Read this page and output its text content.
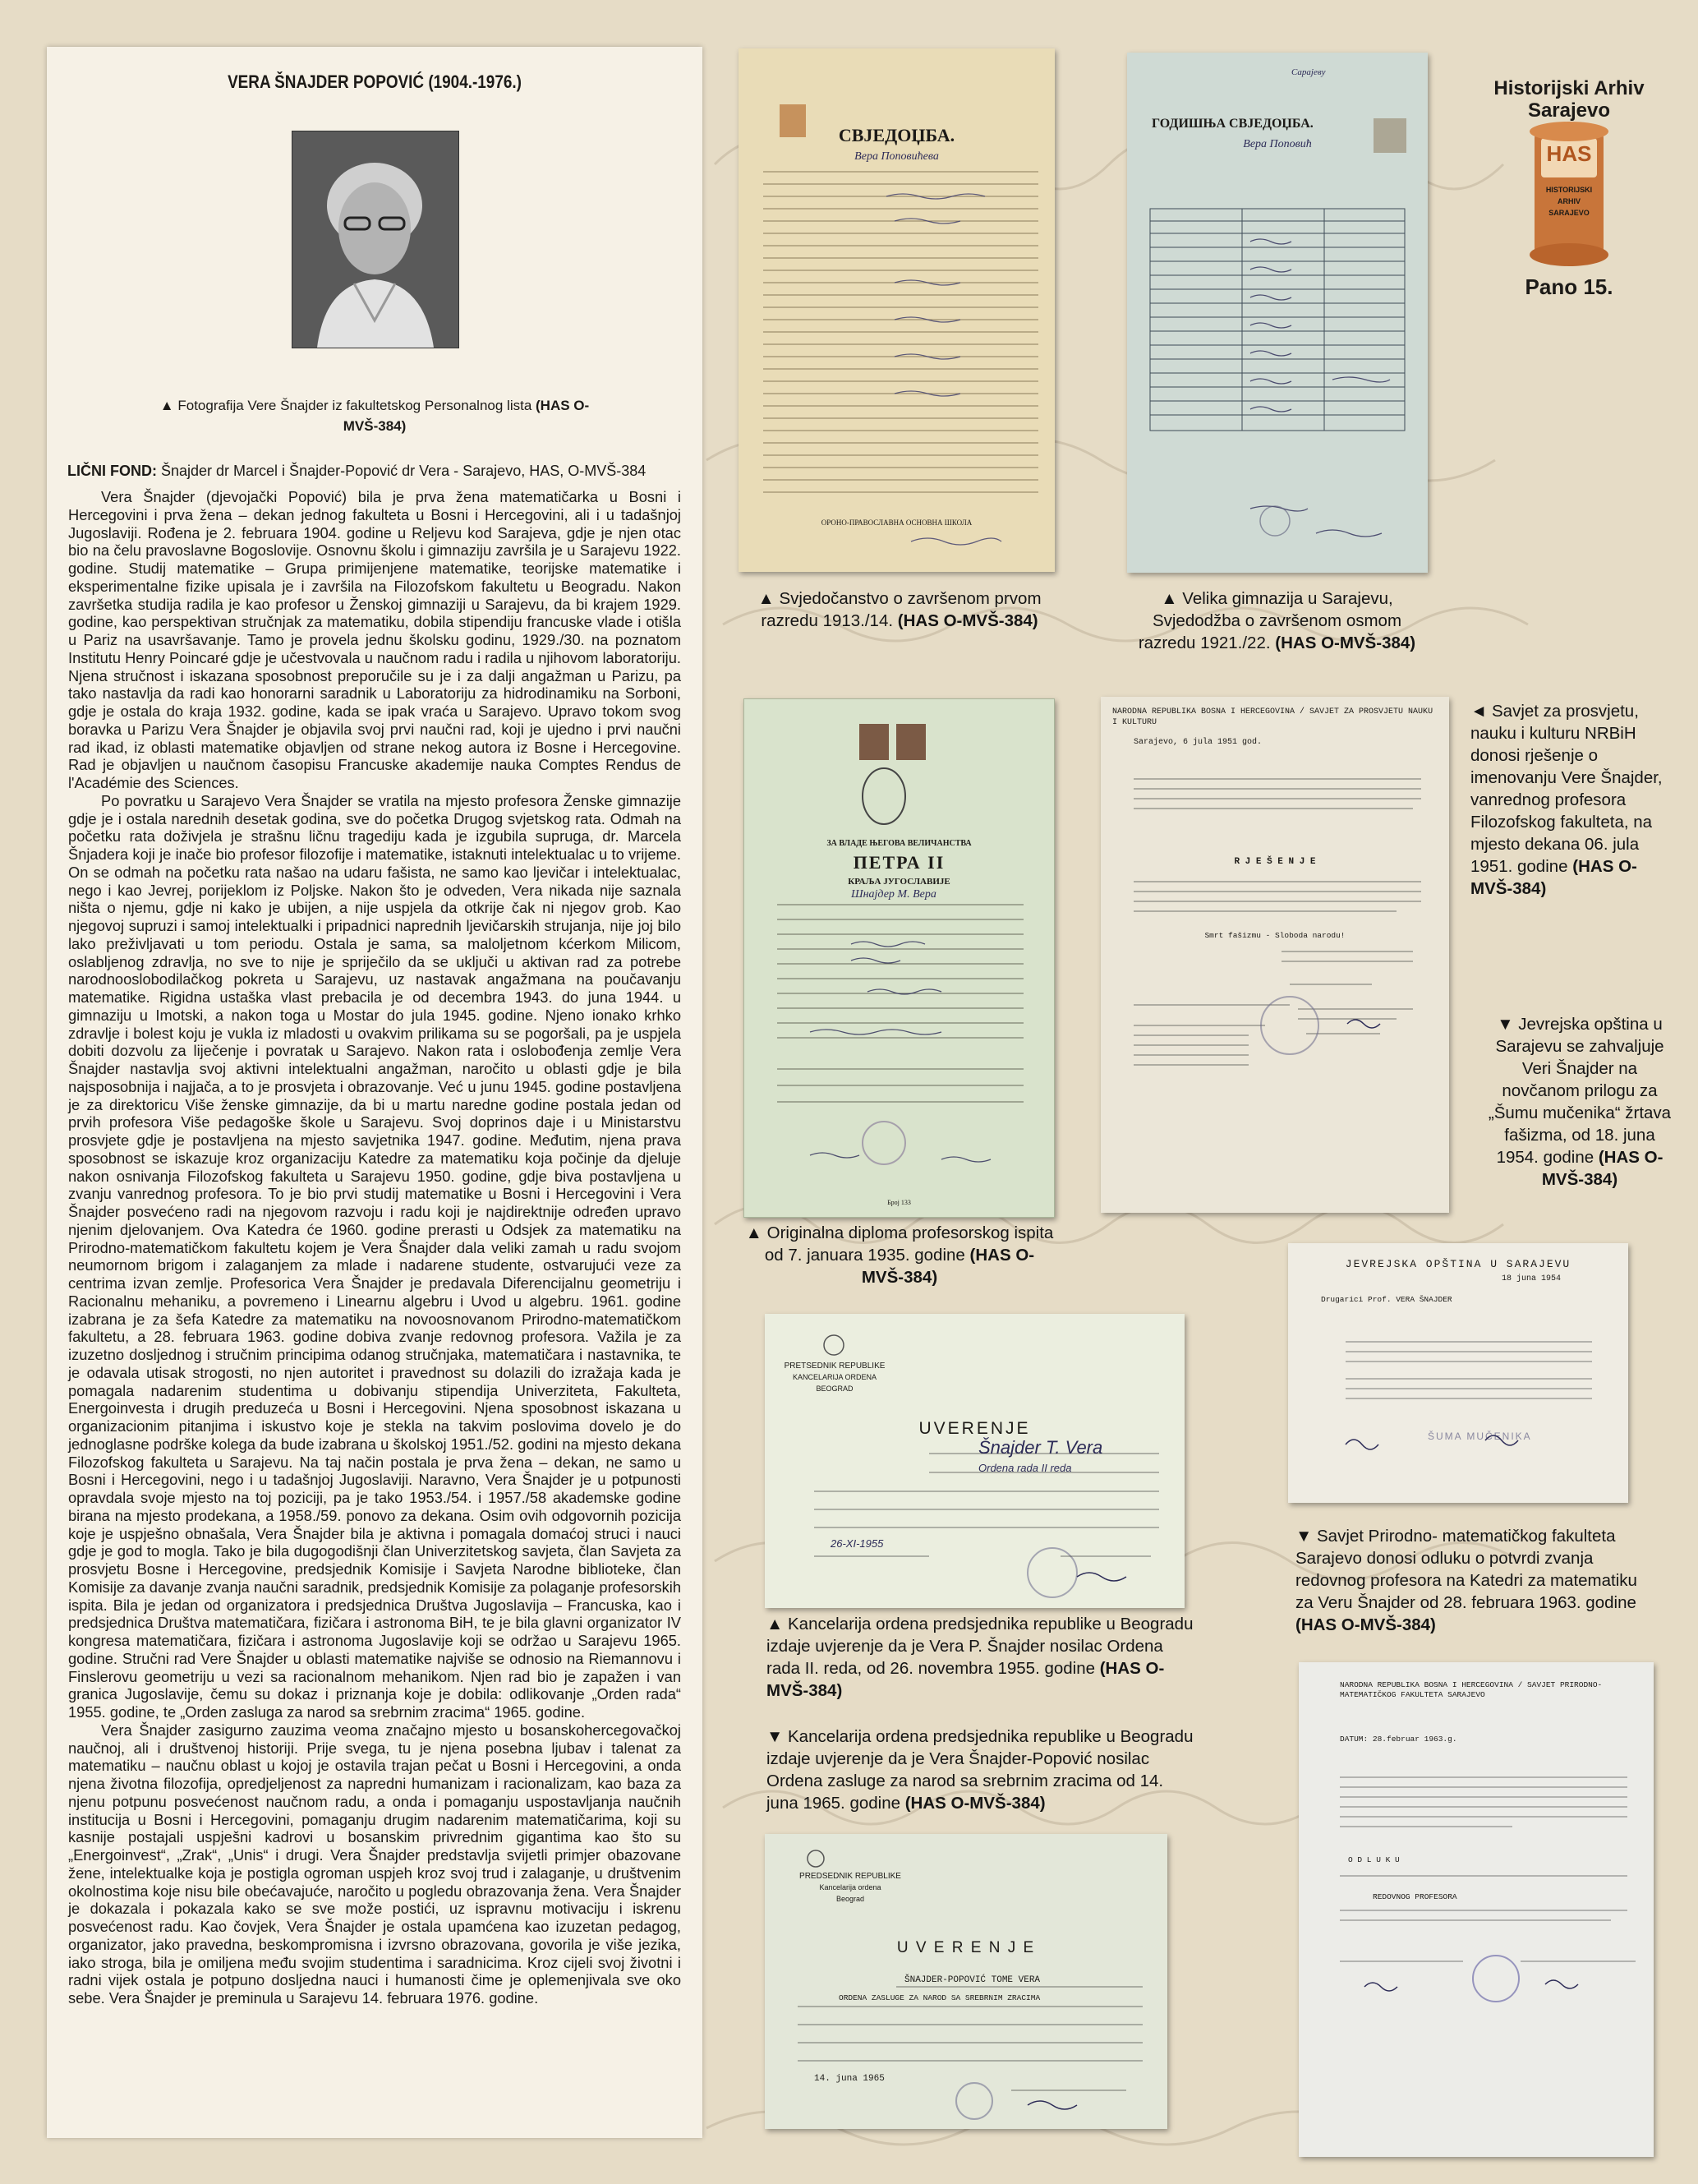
VERA ŠNAJDER POPOVIĆ (1904.-1976.)
▲ Fotografija Vere Šnajder iz fakultetskog Personalnog lista (HAS O-MVŠ-384)
LIČNI FOND: Šnajder dr Marcel i Šnajder-Popović dr Vera - Sarajevo, HAS, O-MVŠ-384

Vera Šnajder (djevojački Popović) bila je prva žena matematičarka u Bosni i Hercegovini i prva žena – dekan jednog fakulteta u Bosni i Hercegovini, ali i u tadašnjoj Jugoslaviji. Rođena je 2. februara 1904. godine u Reljevu kod Sarajeva, gdje je njen otac bio na čelu pravoslavne Bogoslovije. Osnovnu školu i gimnaziju završila je u Sarajevu 1922. godine. Studij matematike – Grupa primijenjene matematike, teorijske matematike i eksperimentalne fizike upisala je i završila na Filozofskom fakultetu u Beogradu. Nakon završetka studija radila je kao profesor u Ženskoj gimnaziji u Sarajevu, da bi krajem 1929. godine, kao perspektivan stručnjak za matematiku, dobila stipendiju francuske vlade i otišla u Pariz na usavršavanje. Tamo je provela jednu školsku godinu, 1929./30. na poznatom Institutu Henry Poincaré gdje je učestvovala u naučnom radu i radila u njihovom laboratoriju. Njena stručnost i iskazana sposobnost preporučile su je i za dalji angažman u Parizu, pa tako nastavlja da radi kao honorarni saradnik u Laboratoriju za hidrodinamiku na Sorboni, gdje je ostala do kraja 1932. godine, kada se ipak vraća u Sarajevo. Upravo tokom svog boravka u Parizu Vera Šnajder je objavila svoj prvi naučni rad, koji je ujedno i prvi naučni rad ikad, iz oblasti matematike objavljen od strane nekog autora iz Bosne i Hercegovine. Rad je objavljen u naučnom časopisu Francuske akademije nauka Comptes Rendus de l'Académie des Sciences.

Po povratku u Sarajevo Vera Šnajder se vratila na mjesto profesora Ženske gimnazije gdje je i ostala narednih desetak godina, sve do početka Drugog svjetskog rata. Odmah na početku rata doživjela je strašnu ličnu tragediju kada je izgubila supruga, dr. Marcela Šnjadera koji je inače bio profesor filozofije i matematike, istaknuti intelektualac u to vrijeme. On se odmah na početku rata našao na udaru fašista, ne samo kao ljevičar i intelektualac, nego i kao Jevrej, porijeklom iz Poljske. Nakon što je odveden, Vera nikada nije saznala ništa o njemu, gdje ni kako je ubijen, a nije uspjela da otkrije čak ni njegov grob. Kao njegovoj supruzi i samoj intelektualki i pripadnici naprednih ljevičarskih strujanja, nije joj bilo lako preživljavati u tom periodu. Ostala je sama, sa maloljetnom kćerkom Milicom, oslabljenog zdravlja, no sve to nije je spriječilo da se uključi u aktivan rad za potrebe narodnooslobodilačkog pokreta u Sarajevu, uz nastavak angažmana na poučavanju matematike. Rigidna ustaška vlast prebacila je od decembra 1943. do juna 1944. u gimnaziju u Imotski, a nakon toga u Mostar do jula 1945. godine. Njeno ionako krhko zdravlje i bolest koju je vukla iz mladosti u ovakvim prilikama su se pogoršali, pa je uspjela dobiti dozvolu za liječenje i povratak u Sarajevo. Nakon rata i oslobođenja zemlje Vera Šnajder nastavlja svoj aktivni intelektualni angažman, naročito u oblasti gdje je bila najsposobnija i najjača, a to je prosvjeta i obrazovanje. Već u junu 1945. godine postavljena je za direktoricu Više ženske gimnazije, da bi u martu naredne godine postala jedan od prvih profesora Više pedagoške škole u Sarajevu. Svoj doprinos daje i u Ministarstvu prosvjete gdje je postavljena na mjesto savjetnika 1947. godine. Međutim, njena prava sposobnost se iskazuje kroz organizaciju Katedre za matematiku koja počinje da djeluje nakon osnivanja Filozofskog fakulteta u Sarajevu 1950. godine, gdje biva postavljena u zvanju vanrednog profesora. To je bio prvi studij matematike u Bosni i Hercegovini i Vera Šnajder posvećeno radi na njegovom razvoju i radu koji je najdirektnije određen upravo njenim djelovanjem. Ova Katedra će 1960. godine prerasti u Odsjek za matematiku na Prirodno-matematičkom fakultetu kojem je Vera Šnajder dala veliki zamah u radu svojom neumornom brigom i zalaganjem za mlade i nadarene studente, ostvarujući veze za centrima izvan zemlje. Profesorica Vera Šnajder je predavala Diferencijalnu geometriju i Racionalnu mehaniku, a povremeno i Linearnu algebru i Uvod u algebru. 1961. godine izabrana je za šefa Katedre za matematiku na novoosnovanom Prirodno-matematičkom fakultetu, a 28. februara 1963. godine dobiva zvanje redovnog profesora. Važila je za izuzetno dosljednog i stručnim principima odanog stručnjaka, matematičara i nastavnika, te je odavala utisak strogosti, no njen autoritet i pravednost su dolazili do izražaja kada je pomagala nadarenim studentima u dobivanju stipendija Univerziteta, Fakulteta, Energoinvesta i drugih preduzeća u Bosni i Hercegovini. Njena sposobnost iskazana u organizacionim pitanjima i iskustvo koje je stekla na takvim poslovima dovelo je do jednoglasne podrške kolega da bude izabrana u školskoj 1951./52. godini na mjesto dekana Filozofskog fakulteta u Sarajevu. Na taj način postala je prva žena – dekan, ne samo u Bosni i Hercegovini, nego i u tadašnjoj Jugoslaviji. Naravno, Vera Šnajder je u potpunosti opravdala svoje mjesto na toj poziciji, pa je tako 1953./54. i 1957./58 akademske godine birana na mjesto prodekana, a 1958./59. ponovo za dekana. Osim ovih odgovornih pozicija koje je uspješno obnašala, Vera Šnajder bila je aktivna i pomagala domaćoj struci i nauci gdje je god to mogla. Tako je bila dugogodišnji član Univerzitetskog savjeta, član Savjeta za prosvjetu Bosne i Hercegovine, predsjednik Komisije i Savjeta Narodne biblioteke, član Komisije za davanje zvanja naučni saradnik, predsjednik Komisije za polaganje profesorskih ispita. Bila je jedan od organizatora i predsjednica Društva Jugoslavija – Francuska, kao i predsjednica Društva matematičara, fizičara i astronoma BiH, te je bila glavni organizator IV kongresa matematičara, fizičara i astronoma Jugoslavije koji se održao u Sarajevu 1965. godine. Stručni rad Vere Šnajder u oblasti matematike najviše se odnosio na Riemannovu i Finslerovu geometriju u vezi sa racionalnom mehanikom. Njen rad bio je zapažen i van granica Jugoslavije, čemu su dokaz i priznanja koje je dobila: odlikovanje „Orden rada“ 1955. godine, te „Orden zasluga za narod sa srebrnim zracima“ 1965. godine.

Vera Šnajder zasigurno zauzima veoma značajno mjesto u bosanskohercegovačkoj naučnoj, ali i društvenoj historiji. Prije svega, tu je njena posebna ljubav i talenat za matematiku – naučnu oblast u kojoj je ostavila trajan pečat u Bosni i Hercegovini, a onda njena životna filozofija, opredjeljenost za napredni humanizam i racionalizam, kao baza za njenu potpunu posvećenost naučnom radu, a onda i pomaganju uspostavljanja naučnih institucija u Bosni i Hercegovini, pomaganju drugim nadarenim matematičarima, koji su kasnije postajali uspješni kadrovi u bosanskim privrednim gigantima kao što su „Energoinvest“, „Zrak“, „Unis“ i drugi. Vera Šnajder predstavlja svijetli primjer obazovane žene, intelektualke koja je postigla ogroman uspjeh kroz svoj trud i zalaganje, u društvenim okolnostima koje nisu bile obećavajuće, naročito u pogledu obrazovanja žena. Vera Šnajder je dokazala i pokazala kako se sve može postići, uz ispravnu motivaciju i iskrenu posvećenost radu. Kao čovjek, Vera Šnajder je ostala upamćena kao izuzetan pedagog, organizator, jako pravedna, beskompromisna i izvrsno obrazovana, govorila je više jezika, iako stroga, bila je omiljena među svojim studentima i saradnicima. Kroz cijeli svoj životni i radni vijek ostala je potpuno dosljedna nauci i humanosti čime je oplemenjivala sve oko sebe. Vera Šnajder je preminula u Sarajevu 14. februara 1976. godine.

СВЈЕДОЏБА.
Вера Поповићева
ОРОНО-ПРАВОСЛАВНА ОСНОВНА ШКОЛА
▲ Svjedočanstvo o završenom prvom razredu 1913./14. (HAS O-MVŠ-384)
ГОДИШЊА СВЈЕДОЏБА.
Вера Поповић
Сарајеву
▲ Velika gimnazija u Sarajevu, Svjedodžba o završenom osmom razredu 1921./22. (HAS O-MVŠ-384)
Historijski Arhiv Sarajevo
HAS
HISTORIJSKI
ARHIV
SARAJEVO
Pano 15.
ЗА ВЛАДЕ ЊЕГОВА ВЕЛИЧАНСТВА
ПЕТРА II
КРАЉА ЈУГОСЛАВИЈЕ
Шнајдер М. Вера
Број 133
▲ Originalna diploma profesorskog ispita od 7. januara 1935. godine (HAS O-MVŠ-384)
NARODNA REPUBLIKA BOSNA I HERCEGOVINA / SAVJET ZA PROSVJETU NAUKU I KULTURU
Sarajevo, 6 jula 1951 god.
R J E Š E N J E
Smrt fašizmu - Sloboda narodu!
◄ Savjet za prosvjetu, nauku i kulturu NRBiH donosi rješenje o imenovanju Vere Šnajder, vanrednog profesora Filozofskog fakulteta, na mjesto dekana 06. jula 1951. godine (HAS O-MVŠ-384)
▼ Jevrejska opština u Sarajevu se zahvaljuje Veri Šnajder na novčanom prilogu za „Šumu mučenika“ žrtava fašizma, od 18. juna 1954. godine (HAS O-MVŠ-384)
JEVREJSKA OPŠTINA U SARAJEVU
18 juna 1954
Drugarici Prof. VERA ŠNAJDER
ŠUMA MUČENIKA
▼ Savjet Prirodno- matematičkog fakulteta Sarajevo donosi odluku o potvrdi zvanja redovnog profesora na Katedri za matematiku za Veru Šnajder od 28. februara 1963. godine (HAS O-MVŠ-384)
PRETSEDNIK REPUBLIKE
KANCELARIJA ORDENA
BEOGRAD
UVERENJE
Šnajder T. Vera
Ordena rada II reda
26-XI-1955
▲ Kancelarija ordena predsjednika republike u Beogradu izdaje uvjerenje da je Vera P. Šnajder nosilac Ordena rada II. reda, od 26. novembra 1955. godine (HAS O-MVŠ-384)
▼ Kancelarija ordena predsjednika republike u Beogradu izdaje uvjerenje da je Vera Šnajder-Popović nosilac Ordena zasluge za narod sa srebrnim zracima od 14. juna 1965. godine (HAS O-MVŠ-384)
PREDSEDNIK REPUBLIKE
Kancelarija ordena
Beograd
U V E R E N J E
ŠNAJDER-POPOVIĆ TOME VERA
ORDENA ZASLUGE ZA NAROD SA SREBRNIM ZRACIMA
14. juna 1965
NARODNA REPUBLIKA BOSNA I HERCEGOVINA / SAVJET PRIRODNO-MATEMATIČKOG FAKULTETA SARAJEVO
DATUM: 28.februar 1963.g.
O D L U K U
REDOVNOG PROFESORA
